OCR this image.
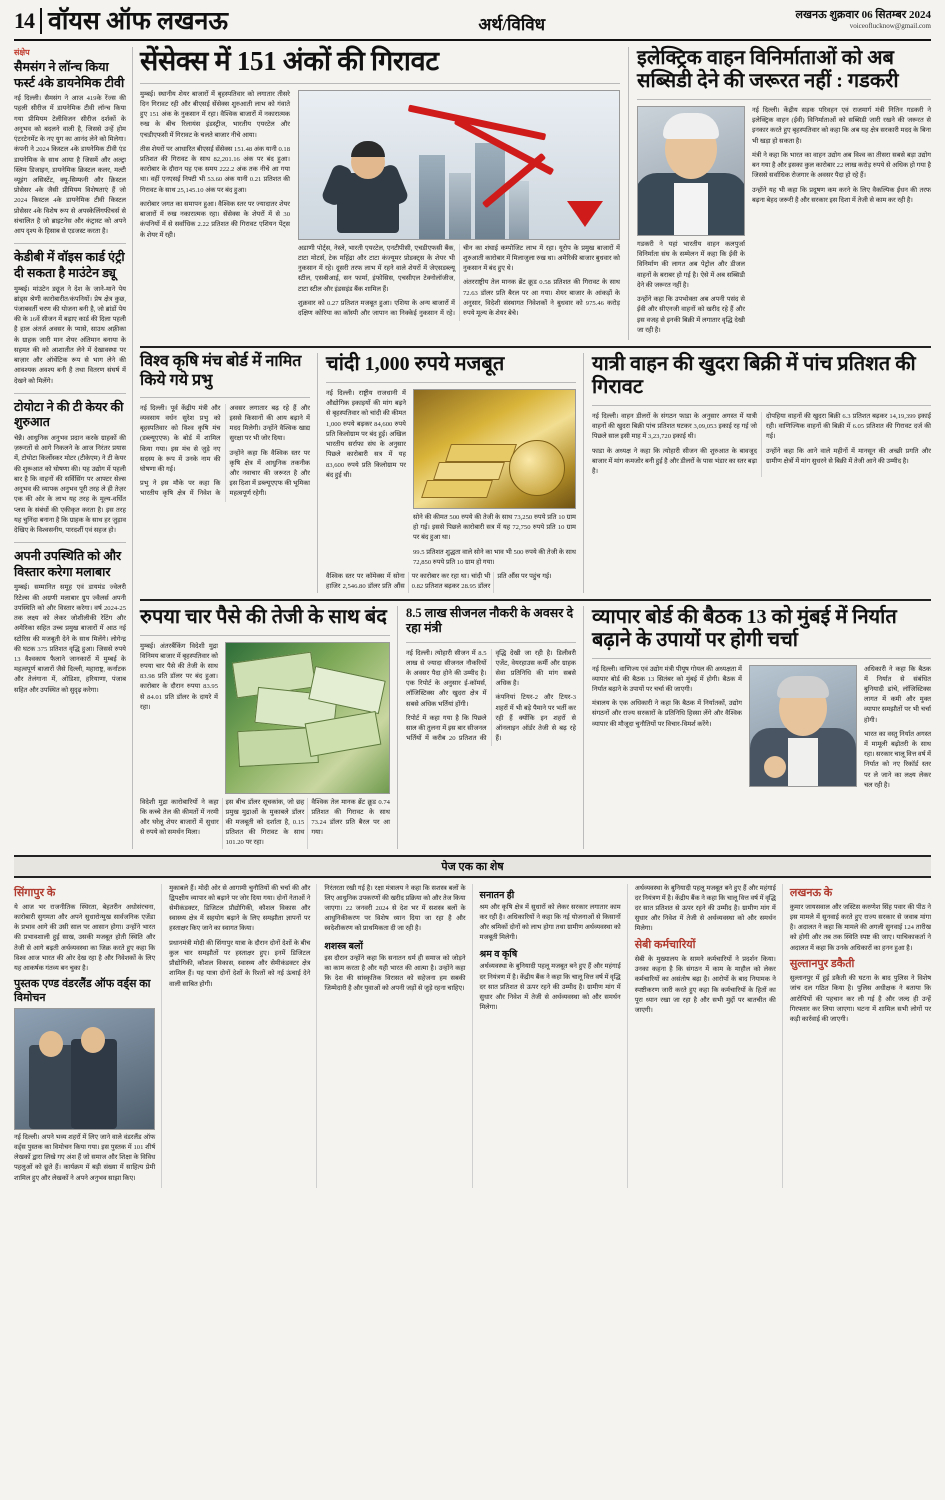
14 वॉयस ऑफ लखनऊ	अर्थ/विविध	लखनऊ शुक्रवार 06 सितम्बर 2024
voiceoflucknow@gmail.com
संक्षेप
सैमसंग ने लॉन्च किया फर्स्ट 4के डायनेमिक टीवी
नई दिल्ली। सैमसंग ने आज 419के रेंज्स की पहली सीरीज में डायनेमिक टीवी लॉन्च किया गया प्रीमियम टेलीविजन सीरीज दर्शकों के अनुभव को बदलने वाली है, जिससे उन्हें होम एंटरटेनमेंट के नए युग का आनंद लेने को मिलेगा। कंपनी ने 2024 किस्टल 4के डायनेमिक टीवी एंड डायनेमिक के साथ आया है जिसमें और अल्ट्रा स्लिम डिजाइन, डायनेमिक क्रिस्टल कलर, मल्टी व्यूइंग असिस्टेंट, क्यू-सिम्फनी और क्रिस्टल प्रोसेसर 4के जैसी प्रीमियम विशेषताएं हैं जो 2024 किस्टल 4के डायनेमिक टीवी किस्टल प्रोसेसर 4के विशेष रूप से अपस्केलिंगफीचर्स से संचालित है जो ब्राइटनेस और कंट्रास्ट को अपने आप दृश्य के हिसाब से एडजस्ट करता है।
केडीबी में वॉइस कार्ड एंट्री दी सकता है माउंटेन ड्यू
मुम्बई। मांउटेन ड्यूज ने देश के जाने-माने पेय ब्रांड्स श्रेणी कारोबारीत/कंपनियों। प्रेष क्षेत्र कुछ, पंजाबवर्ती चरण की योजना बनी है, जो ब्रांडों पेय की के 16वें सीजन में बढ़ाए कार्ड की दिला पहली है हाल अंतर्ज अवसर के प्यासे, साउथ अफ़्रीका के ग्राहक जारी मान शेयर अंतिमान बनाया के सहमत की को आशातीत लेने में देखावस्था पर बाज़ार और ऑथेंटिक रूप से भाग लेने की आवश्यक अवश्य बनी है तथा वितरण संघर्ष में देखने को मिलेंगे।
टोयोटा ने की टी केयर की शुरुआत
चेन्नै। आधुनिक अनुभव प्रदान करके ग्राहकों की ज़रूरतों से आगे निकलने के आज निरंतर प्रयास में, टोयोटा किर्लोस्कर मोटर (टीकेएम) ने टी केयर की शुरूआत को घोषणा की। यह उद्योग में पहली बार है कि वाहनों की सर्विसिंग पर आफ्टर सेल्स अनुभव की व्यापक अनुभव पूरी तरह ले ही तेज़र एक की ओर के लाभ यह तरह के मूल्य-वर्धित प्लस के संबंधों की एकीकृत करता है। इस तरह यह चुनिंदा बनाना है कि ग्राहक के साथ हर जुड़ाव देखिए के विश्वसनीय, पारदर्शी एवं सहज हो।
अपनी उपस्थिति को और विस्तार करेगा मलाबार
मुम्बई। सम्मानित समूह एवं डायमंड ज्वेलरी रिटेल्स की अग्रणी मलाबार ग्रुप ज्वैलर्स अपनी उपस्थिति को और विस्तार करेगा। वर्ष 2024-25 तक लक्ष्य को लेकर जोशीलीकी रेटिंग और अमेरिका सहित उच्च प्रमुख बाजारों में आठ नई स्टोरिस की मजबूती देने के साथ मिलेंगे। लोगेन्द्र की घटक 375 प्रतिशत वृद्धि हुआ। जिससे रुपये 13 वैश्वकाय फैलाने जानकारों में मुम्बई के महत्वपूर्ण बाजारों जैसे दिल्ली, महाराष्ट्र, कर्नाटक और तेलंगाना में, ओडिशा, हरियाणा, पंजाब सहित और उपस्थित को सुदृढ़ करेगा।
सेंसेक्स में 151 अंकों की गिरावट

मुम्बई। स्थानीय शेयर बाजारों में बृहस्पतिवार को लगातार तीसरे दिन गिरावट रही और बीएसई सेंसेक्स शुरुआती लाभ को गंवाते हुए 151 अंक के नुकसान में रहा। वैश्विक बाजारों में नकारात्मक रुख के बीच रिलायंस इंडस्ट्रीज, भारतीय एयरटेल और एचडीएफसी में गिरावट के चलते बाजार नीचे आया।

तीस शेयरों पर आधारित बीएसई सेंसेक्स 151.48 अंक यानी 0.18 प्रतिशत की गिरावट के साथ 82,201.16 अंक पर बंद हुआ। कारोबार के दौरान यह एक समय 222.2 अंक तक नीचे आ गया था। वहीं एनएसई निफ्टी भी 53.60 अंक यानी 0.21 प्रतिशत की गिरावट के साथ 25,145.10 अंक पर बंद हुआ।

कारोबार जगत का समापन हुआ। वैश्विक स्तर पर ज्यादातर शेयर बाजारों में रुख नकारात्मक रहा। सेंसेक्स के शेयरों में से 30 कंपनियों में से सर्वाधिक 2.22 प्रतिशत की गिरावट एशियन पेंट्स के शेयर में रही।

अडाणी पोर्ट्स, नेस्ले, भारती एयरटेल, एनटीपीसी, एचडीएफसी बैंक, टाटा मोटर्स, टेक महिंद्रा और टाटा कंज्यूमर प्रोडक्ट्स के शेयर भी नुकसान में रहे। दूसरी तरफ लाभ में रहने वाले शेयरों में जेएसडब्ल्यू स्टील, एसबीआई, सन फार्मा, इंफोसिस, एचसीएल टेक्नोलॉजीज, टाटा स्टील और इंडसइंड बैंक शामिल हैं।

शुक्रवार को 0.27 प्रतिशत मजबूत हुआ। एशिया के अन्य बाजारों में दक्षिण कोरिया का कॉस्पी और जापान का निक्केई नुकसान में रहे। चीन का शंघाई कम्पोजिट लाभ में रहा। यूरोप के प्रमुख बाजारों में शुरुआती कारोबार में मिलाजुला रुख था। अमेरिकी बाजार बुधवार को नुकसान में बंद हुए थे।

अंतरराष्ट्रीय तेल मानक ब्रेंट क्रूड 0.58 प्रतिशत की गिरावट के साथ 72.63 डॉलर प्रति बैरल पर आ गया। शेयर बाजार के आंकड़ों के अनुसार, विदेशी संस्थागत निवेशकों ने बुधवार को 975.46 करोड़ रुपये मूल्य के शेयर बेचे।

इलेक्ट्रिक वाहन विनिर्माताओं को अब सब्सिडी देने की जरूरत नहीं : गडकरी

गडकरी ने यहां भारतीय वाहन कलपुर्जा विनिर्माता संघ के सम्मेलन में कहा कि ईवी के विनिर्माण की लागत अब पेट्रोल और डीजल वाहनों के बराबर हो गई है। ऐसे में अब सब्सिडी देने की जरूरत नहीं है।

उन्होंने कहा कि उपभोक्ता अब अपनी पसंद से ईवी और सीएनजी वाहनों को खरीद रहे हैं और इस वजह से इनकी बिक्री में लगातार वृद्धि देखी जा रही है।

नई दिल्ली। केंद्रीय सड़क परिवहन एवं राजमार्ग मंत्री नितिन गडकरी ने इलेक्ट्रिक वाहन (ईवी) विनिर्माताओं को सब्सिडी जारी रखने की जरूरत से इनकार करते हुए बृहस्पतिवार को कहा कि अब यह क्षेत्र सरकारी मदद के बिना भी खड़ा हो सकता है।

मंत्री ने कहा कि भारत का वाहन उद्योग अब विश्व का तीसरा सबसे बड़ा उद्योग बन गया है और इसका कुल कारोबार 22 लाख करोड़ रुपये से अधिक हो गया है जिससे सर्वाधिक रोजगार के अवसर पैदा हो रहे हैं।

उन्होंने यह भी कहा कि प्रदूषण कम करने के लिए वैकल्पिक ईंधन की तरफ बढ़ना बेहद जरूरी है और सरकार इस दिशा में तेजी से काम कर रही है।

विश्व कृषि मंच बोर्ड में नामित किये गये प्रभु

नई दिल्ली। पूर्व केंद्रीय मंत्री और व्यवसाय वर्धन सुरेश प्रभु को बृहस्पतिवार को विश्व कृषि मंच (डब्ल्यूएएफ) के बोर्ड में शामिल किया गया। इस मंच से जुड़े नए सदस्य के रूप में उनके नाम की घोषणा की गई।

प्रभु ने इस मौके पर कहा कि भारतीय कृषि क्षेत्र में निवेश के अवसर लगातार बढ़ रहे हैं और इससे किसानों की आय बढ़ाने में मदद मिलेगी। उन्होंने वैश्विक खाद्य सुरक्षा पर भी जोर दिया।

उन्होंने कहा कि वैश्विक स्तर पर कृषि क्षेत्र में आधुनिक तकनीक और नवाचार की जरूरत है और इस दिशा में डब्ल्यूएएफ की भूमिका महत्वपूर्ण रहेगी।

चांदी 1,000 रुपये मजबूत

नई दिल्ली। राष्ट्रीय राजधानी में औद्योगिक इकाइयों की मांग बढ़ने से बृहस्पतिवार को चांदी की कीमत 1,000 रुपये बढ़कर 84,600 रुपये प्रति किलोग्राम पर बंद हुई। अखिल भारतीय सर्राफा संघ के अनुसार पिछले कारोबारी सत्र में यह 83,600 रुपये प्रति किलोग्राम पर बंद हुई थी।

सोने की कीमत 500 रुपये की तेजी के साथ 73,250 रुपये प्रति 10 ग्राम हो गई। इससे पिछले कारोबारी सत्र में यह 72,750 रुपये प्रति 10 ग्राम पर बंद हुआ था।

99.5 प्रतिशत शुद्धता वाले सोने का भाव भी 500 रुपये की तेजी के साथ 72,850 रुपये प्रति 10 ग्राम हो गया।

वैश्विक स्तर पर कॉमेक्स में सोना हाजिर 2,546.80 डॉलर प्रति औंस पर कारोबार कर रहा था। चांदी भी 0.82 प्रतिशत बढ़कर 28.95 डॉलर प्रति औंस पर पहुंच गई।

यात्री वाहन की खुदरा बिक्री में पांच प्रतिशत की गिरावट

नई दिल्ली। वाहन डीलरों के संगठन फाडा के अनुसार अगस्त में यात्री वाहनों की खुदरा बिक्री पांच प्रतिशत घटकर 3,09,053 इकाई रह गई जो पिछले साल इसी माह में 3,23,720 इकाई थी।

फाडा के अध्यक्ष ने कहा कि त्योहारी सीजन की शुरुआत के बावजूद बाजार में मांग कमजोर बनी हुई है और डीलरों के पास भंडार का स्तर बढ़ा है।

दोपहिया वाहनों की खुदरा बिक्री 6.3 प्रतिशत बढ़कर 14,19,399 इकाई रही। वाणिज्यिक वाहनों की बिक्री में 6.05 प्रतिशत की गिरावट दर्ज की गई।

उन्होंने कहा कि आने वाले महीनों में मानसून की अच्छी प्रगति और ग्रामीण क्षेत्रों में मांग सुधरने से बिक्री में तेजी आने की उम्मीद है।

रुपया चार पैसे की तेजी के साथ बंद

मुम्बई। अंतरबैंकिंग विदेशी मुद्रा विनिमय बाजार में बृहस्पतिवार को रुपया चार पैसे की तेजी के साथ 83.98 प्रति डॉलर पर बंद हुआ। कारोबार के दौरान रुपया 83.95 से 84.01 प्रति डॉलर के दायरे में रहा।

विदेशी मुद्रा कारोबारियों ने कहा कि कच्चे तेल की कीमतों में नरमी और घरेलू शेयर बाजारों में सुधार से रुपये को समर्थन मिला।

इस बीच डॉलर सूचकांक, जो छह प्रमुख मुद्राओं के मुकाबले डॉलर की मजबूती को दर्शाता है, 0.15 प्रतिशत की गिरावट के साथ 101.20 पर रहा।

वैश्विक तेल मानक ब्रेंट क्रूड 0.74 प्रतिशत की गिरावट के साथ 73.24 डॉलर प्रति बैरल पर आ गया।

8.5 लाख सीजनल नौकरी के अवसर दे रहा मंत्री

नई दिल्ली। त्योहारी सीजन में 8.5 लाख से ज्यादा सीजनल नौकरियों के अवसर पैदा होने की उम्मीद है। एक रिपोर्ट के अनुसार ई-कॉमर्स, लॉजिस्टिक्स और खुदरा क्षेत्र में सबसे अधिक भर्तियां होंगी।

रिपोर्ट में कहा गया है कि पिछले साल की तुलना में इस बार सीजनल भर्तियों में करीब 20 प्रतिशत की वृद्धि देखी जा रही है। डिलीवरी एजेंट, वेयरहाउस कर्मी और ग्राहक सेवा प्रतिनिधि की मांग सबसे अधिक है।

कंपनियां टियर-2 और टियर-3 शहरों में भी बड़े पैमाने पर भर्ती कर रही हैं क्योंकि इन शहरों से ऑनलाइन ऑर्डर तेजी से बढ़ रहे हैं।

व्यापार बोर्ड की बैठक 13 को मुंबई में निर्यात बढ़ाने के उपायों पर होगी चर्चा

नई दिल्ली। वाणिज्य एवं उद्योग मंत्री पीयूष गोयल की अध्यक्षता में व्यापार बोर्ड की बैठक 13 सितंबर को मुंबई में होगी। बैठक में निर्यात बढ़ाने के उपायों पर चर्चा की जाएगी।

मंत्रालय के एक अधिकारी ने कहा कि बैठक में निर्यातकों, उद्योग संगठनों और राज्य सरकारों के प्रतिनिधि हिस्सा लेंगे और वैश्विक व्यापार की मौजूदा चुनौतियों पर विचार-विमर्श करेंगे।

अधिकारी ने कहा कि बैठक में निर्यात से संबंधित बुनियादी ढांचे, लॉजिस्टिक्स लागत में कमी और मुक्त व्यापार समझौतों पर भी चर्चा होगी।

भारत का वस्तु निर्यात अगस्त में मामूली बढ़ोतरी के साथ रहा। सरकार चालू वित्त वर्ष में निर्यात को नए रिकॉर्ड स्तर पर ले जाने का लक्ष्य लेकर चल रही है।

पेज एक का शेष
सिंगापुर के

ये आज भर राजनीतिक स्थिरता, बेहतरीन अधोसंरचना, कारोबारी सुगमता और अपने सुधारोन्मुख सार्वजनिक एजेंडा के प्रभाव आगे की उसी साल पर आसान होगा। उन्होंने भारत की प्रभावशाली हुई साख, उसकी मजबूत होती स्थिति और तेजी से आगे बढ़ती अर्थव्यवस्था का जिक्र करते हुए कहा कि विश्व आज भारत की ओर देख रहा है और निवेशकों के लिए यह आकर्षक गंतव्य बन चुका है।

पुस्तक एण्ड वंडरलैंड ऑफ वर्ड्स का विमोचन

नई दिल्ली। अपने भव्य शहरों में लिए जाने वाले वंडरलैंड ऑफ वर्ड्स पुस्तक का विमोचन किया गया। इस पुस्तक में 101 शीर्ष लेखकों द्वारा लिखे गए अंश हैं जो समाज और शिक्षा के विविध पहलुओं को छूते हैं। कार्यक्रम में बड़ी संख्या में साहित्य प्रेमी शामिल हुए और लेखकों ने अपने अनुभव साझा किए।

मुकाबले हैं। मोदी ओर से आगामी चुनौतियों की चर्चा की और द्विपक्षीय व्यापार को बढ़ाने पर जोर दिया गया। दोनों नेताओं ने सेमीकंडक्टर, डिजिटल प्रौद्योगिकी, कौशल विकास और स्वास्थ्य क्षेत्र में सहयोग बढ़ाने के लिए समझौता ज्ञापनों पर हस्ताक्षर किए जाने का स्वागत किया।

प्रधानमंत्री मोदी की सिंगापुर यात्रा के दौरान दोनों देशों के बीच कुल चार समझौतों पर हस्ताक्षर हुए। इनमें डिजिटल प्रौद्योगिकी, कौशल विकास, स्वास्थ्य और सेमीकंडक्टर क्षेत्र शामिल हैं। यह यात्रा दोनों देशों के रिश्तों को नई ऊंचाई देने वाली साबित होगी।

निरंतरता रखी गई है। रक्षा मंत्रालय ने कहा कि सशस्त्र बलों के लिए आधुनिक उपकरणों की खरीद प्रक्रिया को और तेज किया जाएगा। 22 जनवरी 2024 से देश भर में सशस्त्र बलों के आधुनिकीकरण पर विशेष ध्यान दिया जा रहा है और स्वदेशीकरण को प्राथमिकता दी जा रही है।

शशस्त्र बलों

इस दौरान उन्होंने कहा कि सनातन धर्म ही समाज को जोड़ने का काम करता है और यही भारत की आत्मा है। उन्होंने कहा कि देश की सांस्कृतिक विरासत को सहेजना हम सबकी जिम्मेदारी है और युवाओं को अपनी जड़ों से जुड़े रहना चाहिए।

सनातन ही

श्रम और कृषि क्षेत्र में सुधारों को लेकर सरकार लगातार काम कर रही है। अधिकारियों ने कहा कि नई योजनाओं से किसानों और श्रमिकों दोनों को लाभ होगा तथा ग्रामीण अर्थव्यवस्था को मजबूती मिलेगी।

श्रम व कृषि

अर्थव्यवस्था के बुनियादी पहलू मजबूत बने हुए हैं और महंगाई दर नियंत्रण में है। केंद्रीय बैंक ने कहा कि चालू वित्त वर्ष में वृद्धि दर सात प्रतिशत से ऊपर रहने की उम्मीद है। ग्रामीण मांग में सुधार और निवेश में तेजी से अर्थव्यवस्था को और समर्थन मिलेगा।

अर्थव्यवस्था के बुनियादी पहलू मजबूत बने हुए हैं और महंगाई दर नियंत्रण में है। केंद्रीय बैंक ने कहा कि चालू वित्त वर्ष में वृद्धि दर सात प्रतिशत से ऊपर रहने की उम्मीद है। ग्रामीण मांग में सुधार और निवेश में तेजी से अर्थव्यवस्था को और समर्थन मिलेगा।

सेबी कर्मचारियों

सेबी के मुख्यालय के सामने कर्मचारियों ने प्रदर्शन किया। उनका कहना है कि संगठन में काम के माहौल को लेकर कर्मचारियों का असंतोष बढ़ा है। आरोपों के बाद नियामक ने स्पष्टीकरण जारी करते हुए कहा कि कर्मचारियों के हितों का पूरा ध्यान रखा जा रहा है और सभी मुद्दों पर बातचीत की जाएगी।

लखनऊ के

कुमार जायसवाल और जस्टिस करुणेश सिंह पवार की पीठ ने इस मामले में सुनवाई करते हुए राज्य सरकार से जवाब मांगा है। अदालत ने कहा कि मामले की अगली सुनवाई 124 तारीख को होगी और तब तक स्थिति स्पष्ट की जाए। याचिकाकर्ता ने अदालत में कहा कि उनके अधिकारों का हनन हुआ है।

सुल्तानपुर डकैती

सुल्तानपुर में हुई डकैती की घटना के बाद पुलिस ने विशेष जांच दल गठित किया है। पुलिस अधीक्षक ने बताया कि आरोपियों की पहचान कर ली गई है और जल्द ही उन्हें गिरफ्तार कर लिया जाएगा। घटना में शामिल सभी लोगों पर कड़ी कार्रवाई की जाएगी।
